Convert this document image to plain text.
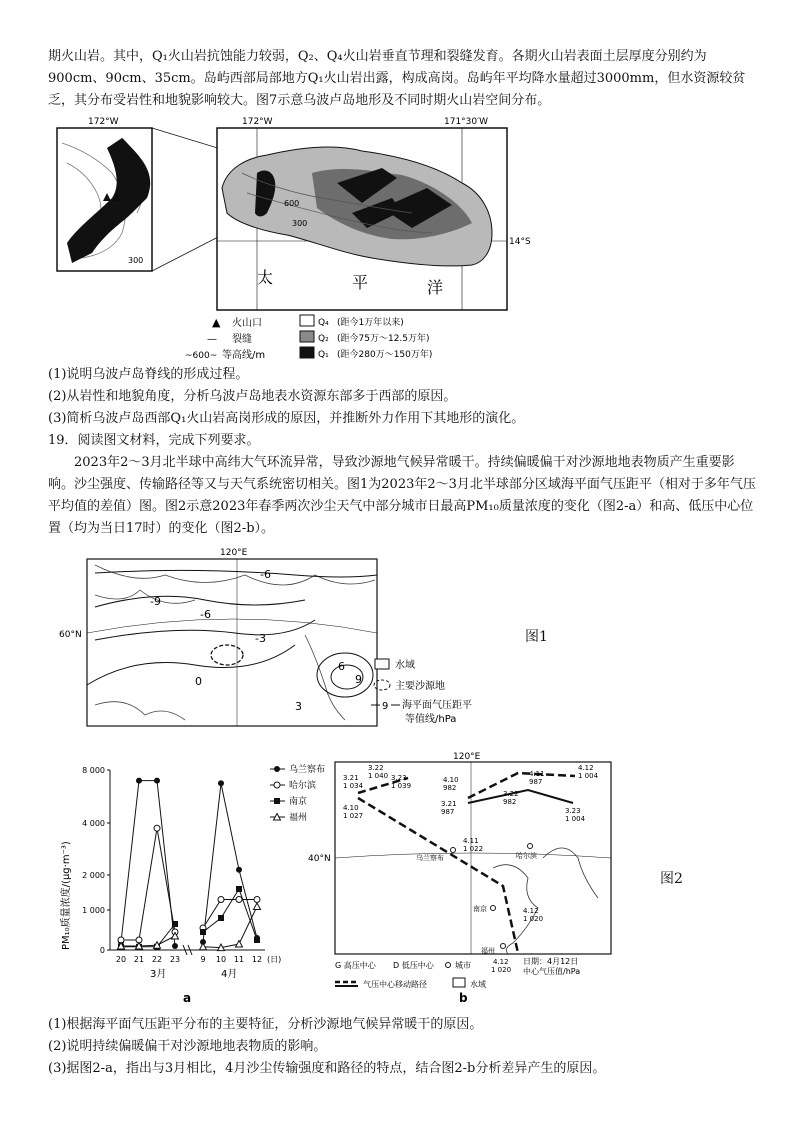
期火山岩。其中，Q₁火山岩抗蚀能力较弱，Q₂、Q₄火山岩垂直节理和裂缝发育。各期火山岩表面土层厚度分别约为900cm、90cm、35cm。岛屿西部局部地方Q₁火山岩出露，构成高岗。岛屿年平均降水量超过3000mm，但水资源较贫乏，其分布受岩性和地貌影响较大。图7示意乌波卢岛地形及不同时期火山岩空间分布。

A
300
600
300
太	平	洋
172°W	172°W	171°30′W
14°S
▲ 火山口
— 裂缝
~600~ 等高线/m
Q₄ (距今1万年以来)
Q₂ (距今75万～12.5万年)
Q₁ (距今280万～150万年)

(1)说明乌波卢岛脊线的形成过程。

(2)从岩性和地貌角度，分析乌波卢岛地表水资源东部多于西部的原因。

(3)简析乌波卢岛西部Q₁火山岩高岗形成的原因，并推断外力作用下其地形的演化。

19．阅读图文材料，完成下列要求。

2023年2～3月北半球中高纬大气环流异常，导致沙源地气候异常暖干。持续偏暖偏干对沙源地地表物质产生重要影响。沙尘强度、传输路径等又与天气系统密切相关。图1为2023年2～3月北半球部分区域海平面气压距平（相对于多年气压平均值的差值）图。图2示意2023年春季两次沙尘天气中部分城市日最高PM₁₀质量浓度的变化（图2-a）和高、低压中心位置（均为当日17时）的变化（图2-b）。

120°E
60°N
-6
-9
-6
-3
0
3
6
9
水域
主要沙源地
9 海平面气压距平
等值线/hPa
图1
PM₁₀质量浓度/(μg·m⁻³)
8 000
4 000
2 000
1 000
0
20 21 22 23	9 10 11 12 (日)
3月	4月
a
乌兰察布
哈尔滨
南京
福州
120°E
40°N
3.21
1 034
3.22
1 040 3.23
1 039
4.10
1 027
4.11
1 022
4.12
1 020
4.10
982
3.21
987
3.22
982
4.11
987
3.23
1 004
4.12
1 004
哈尔滨
乌兰察布
南京
福州
G 高压中心 D 低压中心	城市	4.12
1 020
日期：4月12日
中心气压值/hPa
气压中心移动路径	水域
b
图2

(1)根据海平面气压距平分布的主要特征，分析沙源地气候异常暖干的原因。

(2)说明持续偏暖偏干对沙源地地表物质的影响。

(3)据图2-a，指出与3月相比，4月沙尘传输强度和路径的特点，结合图2-b分析差异产生的原因。
